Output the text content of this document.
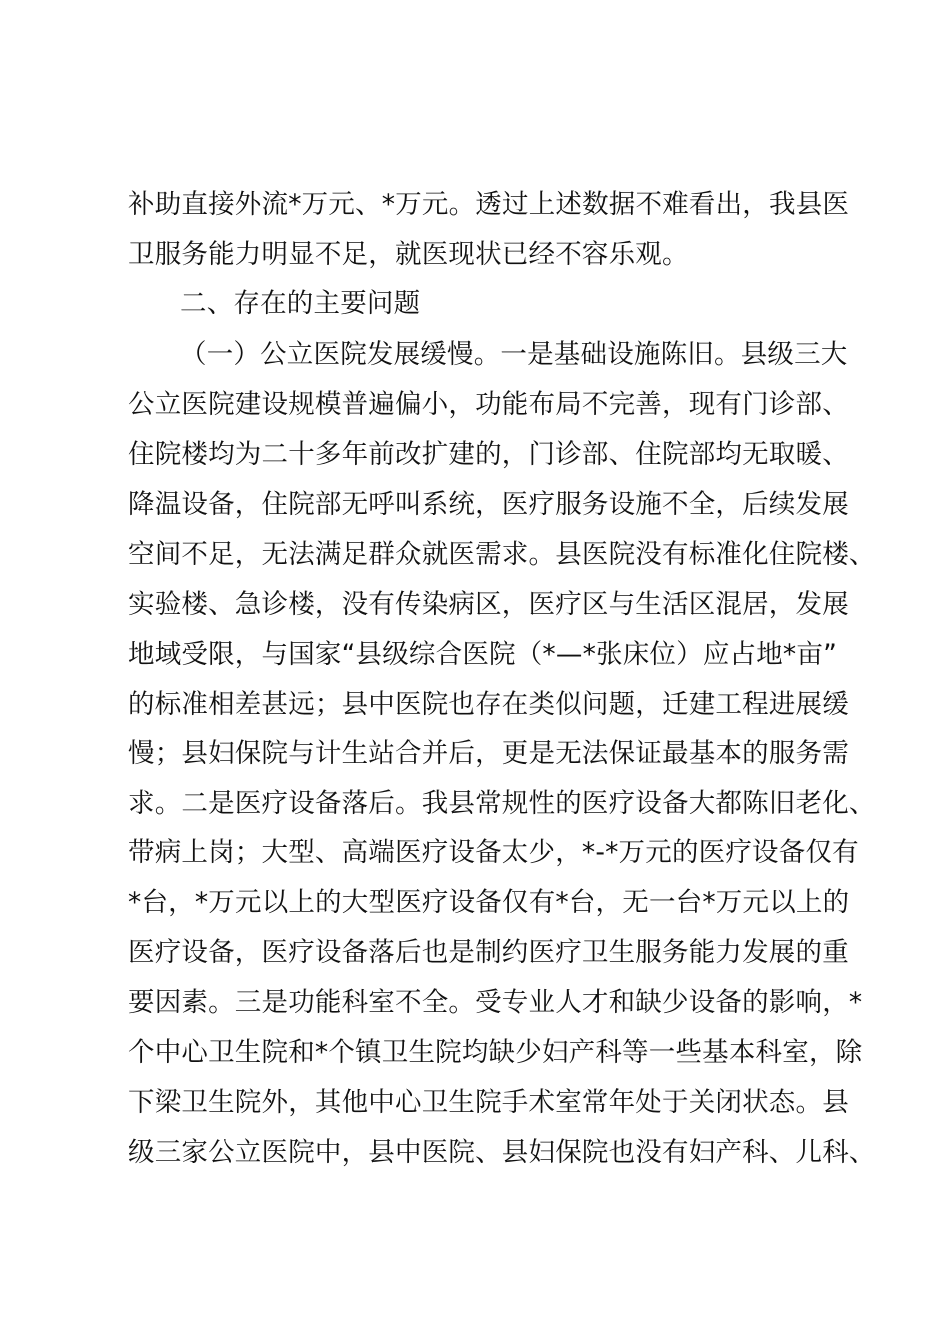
补助直接外流*万元、*万元。透过上述数据不难看出，我县医
卫服务能力明显不足，就医现状已经不容乐观。
二、存在的主要问题
（一）公立医院发展缓慢。一是基础设施陈旧。县级三大
公立医院建设规模普遍偏小，功能布局不完善，现有门诊部、
住院楼均为二十多年前改扩建的，门诊部、住院部均无取暖、
降温设备，住院部无呼叫系统，医疗服务设施不全，后续发展
空间不足，无法满足群众就医需求。县医院没有标准化住院楼、
实验楼、急诊楼，没有传染病区，医疗区与生活区混居，发展
地域受限，与国家“县级综合医院（*—*张床位）应占地*亩”
的标准相差甚远；县中医院也存在类似问题，迁建工程进展缓
慢；县妇保院与计生站合并后，更是无法保证最基本的服务需
求。二是医疗设备落后。我县常规性的医疗设备大都陈旧老化、
带病上岗；大型、高端医疗设备太少，*-*万元的医疗设备仅有
*台，*万元以上的大型医疗设备仅有*台，无一台*万元以上的
医疗设备，医疗设备落后也是制约医疗卫生服务能力发展的重
要因素。三是功能科室不全。受专业人才和缺少设备的影响，*
个中心卫生院和*个镇卫生院均缺少妇产科等一些基本科室，除
下梁卫生院外，其他中心卫生院手术室常年处于关闭状态。县
级三家公立医院中，县中医院、县妇保院也没有妇产科、儿科、
